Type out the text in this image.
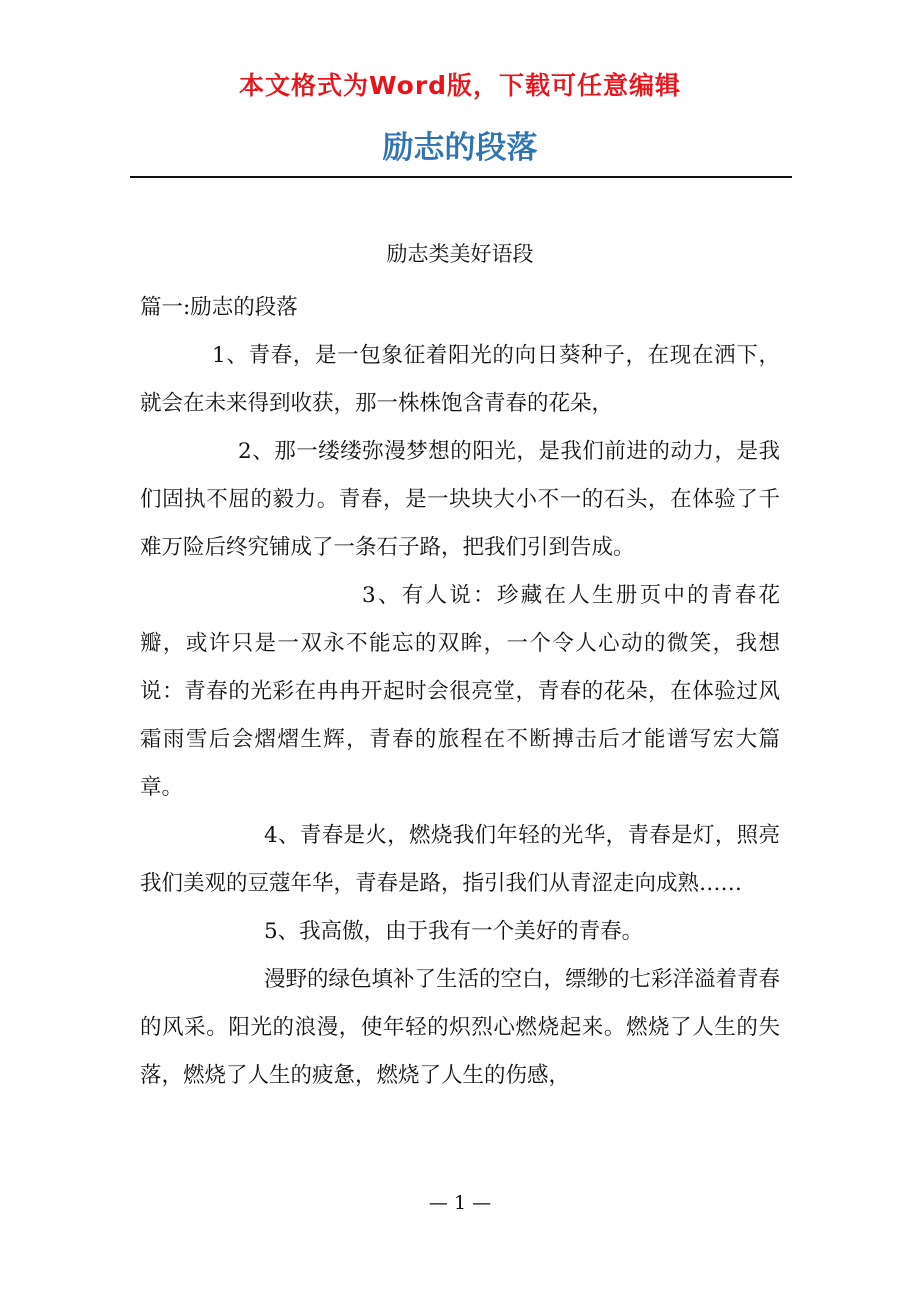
本文格式为Word版，下载可任意编辑
励志的段落
励志类美好语段

篇一:励志的段落

1、青春，是一包象征着阳光的向日葵种子，在现在洒下，就会在未来得到收获，那一株株饱含青春的花朵，

2、那一缕缕弥漫梦想的阳光，是我们前进的动力，是我们固执不屈的毅力。青春，是一块块大小不一的石头，在体验了千难万险后终究铺成了一条石子路，把我们引到告成。

3、有人说：珍藏在人生册页中的青春花瓣，或许只是一双永不能忘的双眸，一个令人心动的微笑，我想说：青春的光彩在冉冉开起时会很亮堂，青春的花朵，在体验过风霜雨雪后会熠熠生辉，青春的旅程在不断搏击后才能谱写宏大篇章。

4、青春是火，燃烧我们年轻的光华，青春是灯，照亮我们美观的豆蔻年华，青春是路，指引我们从青涩走向成熟……

5、我高傲，由于我有一个美好的青春。

漫野的绿色填补了生活的空白，缥缈的七彩洋溢着青春的风采。阳光的浪漫，使年轻的炽烈心燃烧起来。燃烧了人生的失落，燃烧了人生的疲惫，燃烧了人生的伤感，

— 1 —
